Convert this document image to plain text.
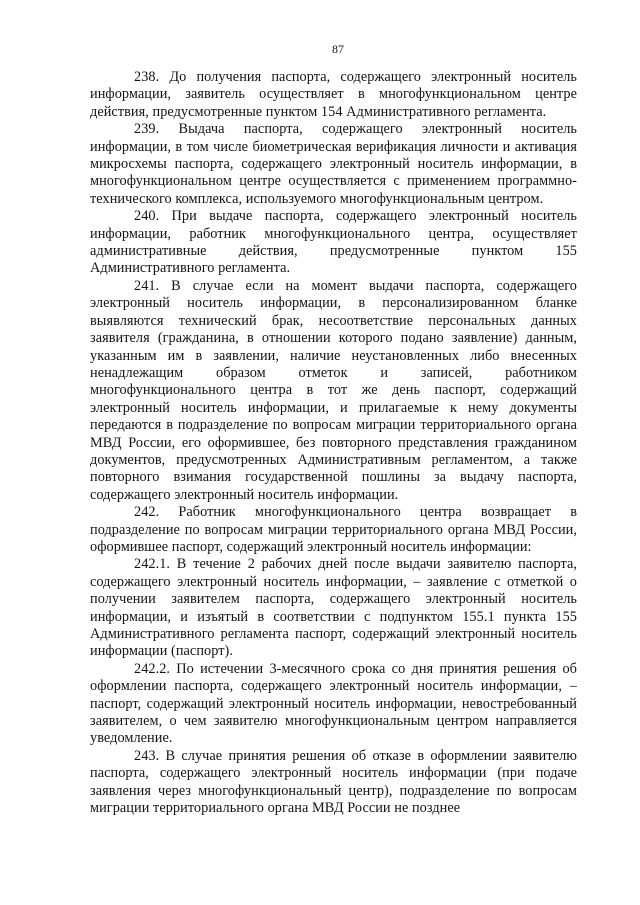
87

238. До получения паспорта, содержащего электронный носитель информации, заявитель осуществляет в многофункциональном центре действия, предусмотренные пунктом 154 Административного регламента.

239. Выдача паспорта, содержащего электронный носитель информации, в том числе биометрическая верификация личности и активация микросхемы паспорта, содержащего электронный носитель информации, в многофункциональном центре осуществляется с применением программно-технического комплекса, используемого многофункциональным центром.

240. При выдаче паспорта, содержащего электронный носитель информации, работник многофункционального центра, осуществляет административные действия, предусмотренные пунктом 155 Административного регламента.

241. В случае если на момент выдачи паспорта, содержащего электронный носитель информации, в персонализированном бланке выявляются технический брак, несоответствие персональных данных заявителя (гражданина, в отношении которого подано заявление) данным, указанным им в заявлении, наличие неустановленных либо внесенных ненадлежащим образом отметок и записей, работником многофункционального центра в тот же день паспорт, содержащий электронный носитель информации, и прилагаемые к нему документы передаются в подразделение по вопросам миграции территориального органа МВД России, его оформившее, без повторного представления гражданином документов, предусмотренных Административным регламентом, а также повторного взимания государственной пошлины за выдачу паспорта, содержащего электронный носитель информации.

242. Работник многофункционального центра возвращает в подразделение по вопросам миграции территориального органа МВД России, оформившее паспорт, содержащий электронный носитель информации:

242.1. В течение 2 рабочих дней после выдачи заявителю паспорта, содержащего электронный носитель информации, – заявление с отметкой о получении заявителем паспорта, содержащего электронный носитель информации, и изъятый в соответствии с подпунктом 155.1 пункта 155 Административного регламента паспорт, содержащий электронный носитель информации (паспорт).

242.2. По истечении 3-месячного срока со дня принятия решения об оформлении паспорта, содержащего электронный носитель информации, – паспорт, содержащий электронный носитель информации, невостребованный заявителем, о чем заявителю многофункциональным центром направляется уведомление.

243. В случае принятия решения об отказе в оформлении заявителю паспорта, содержащего электронный носитель информации (при подаче заявления через многофункциональный центр), подразделение по вопросам миграции территориального органа МВД России не позднее
